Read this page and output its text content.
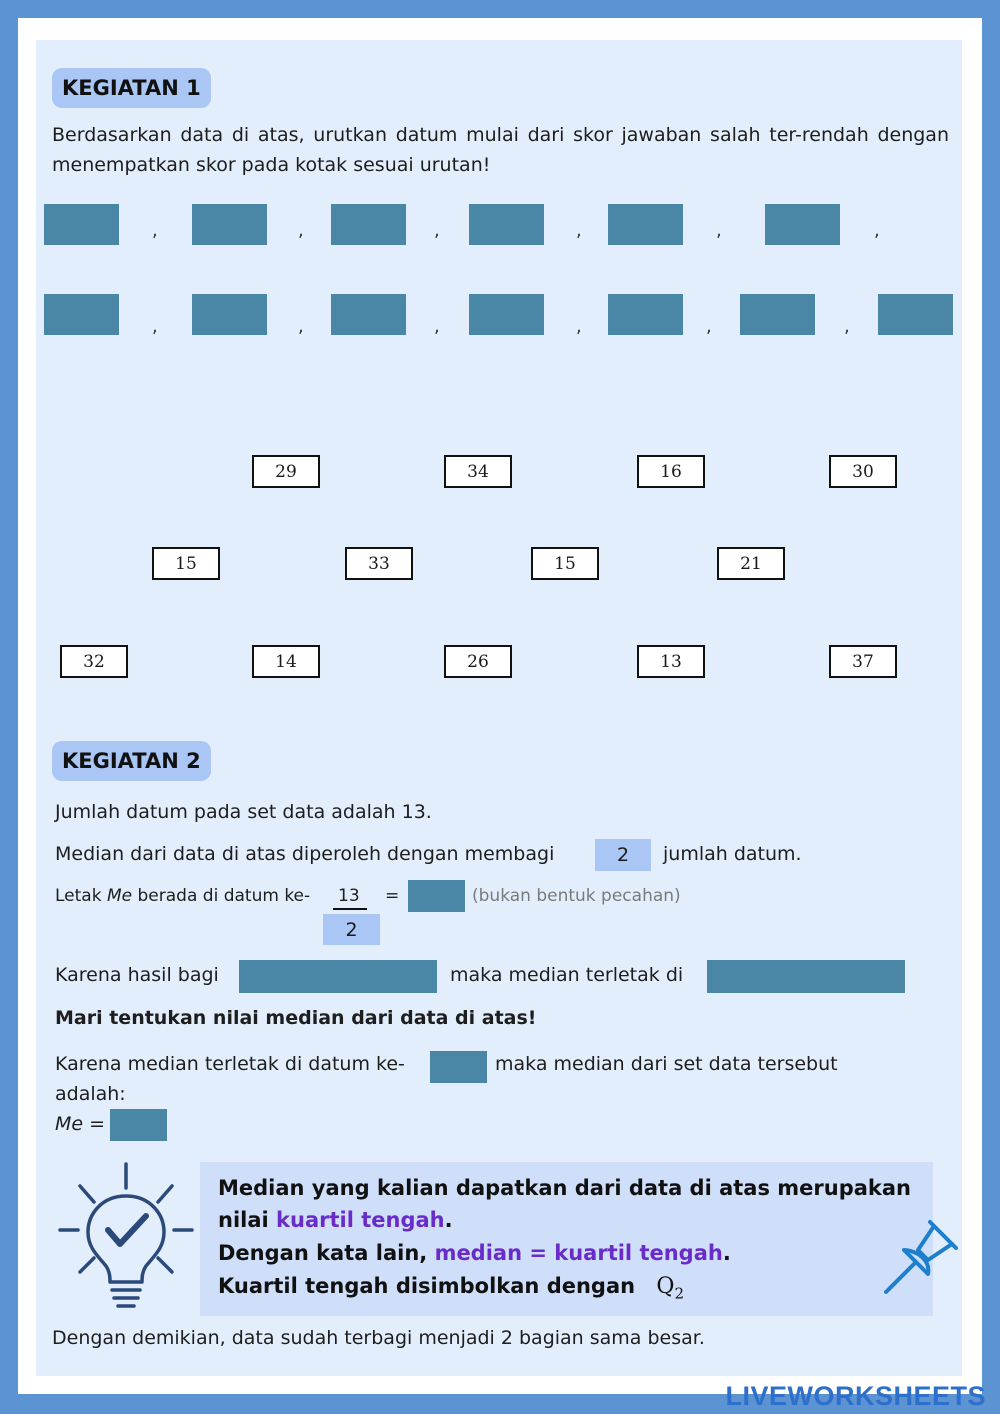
KEGIATAN 1
Berdasarkan data di atas, urutkan datum mulai dari skor jawaban salah ter-rendah dengan menempatkan skor pada kotak sesuai urutan!
,	,	,	,	,	,
,	,	,	,	,	,
29	34	16	30
15	33	15	21
32	14	26	13	37
KEGIATAN 2
Jumlah datum pada set data adalah 13.
Median dari data di atas diperoleh dengan membagi	2	jumlah datum.
Letak Me berada di datum ke- 13 =	(bukan bentuk pecahan)
2
Karena hasil bagi	maka median terletak di
Mari tentukan nilai median dari data di atas!
Karena median terletak di datum ke-	maka median dari set data tersebut
adalah:
Me =
Median yang kalian dapatkan dari data di atas merupakan
nilai kuartil tengah.
Dengan kata lain, median = kuartil tengah.
Kuartil tengah disimbolkan dengan $Q_2$
Dengan demikian, data sudah terbagi menjadi 2 bagian sama besar.
LIVEWORKSHEETS
